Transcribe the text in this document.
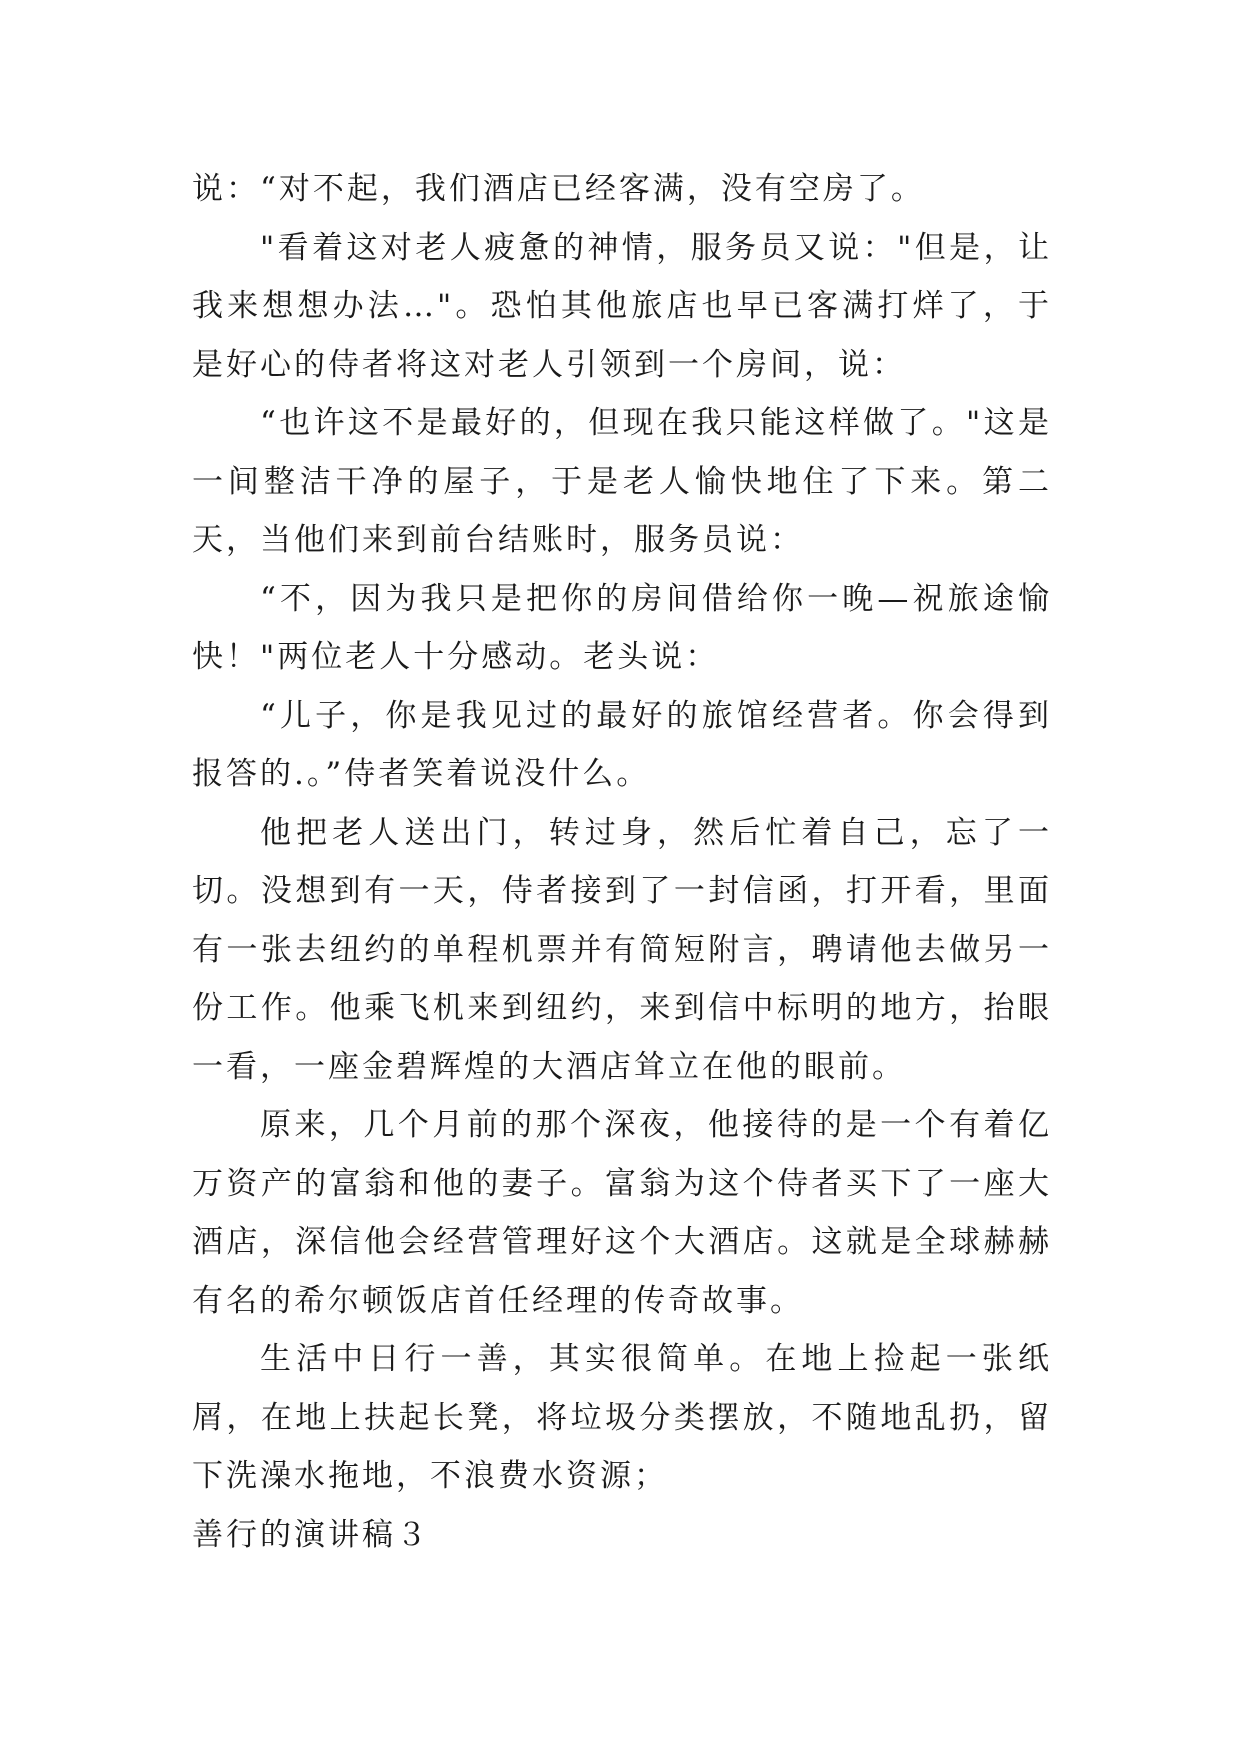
说：“对不起，我们酒店已经客满，没有空房了。

"看着这对老人疲惫的神情，服务员又说："但是，让我来想想办法…"。恐怕其他旅店也早已客满打烊了，于是好心的侍者将这对老人引领到一个房间，说：

“也许这不是最好的，但现在我只能这样做了。"这是一间整洁干净的屋子，于是老人愉快地住了下来。第二天，当他们来到前台结账时，服务员说：

“不，因为我只是把你的房间借给你一晚—祝旅途愉快！"两位老人十分感动。老头说：

“儿子，你是我见过的最好的旅馆经营者。你会得到报答的.。”侍者笑着说没什么。

他把老人送出门，转过身，然后忙着自己，忘了一切。没想到有一天，侍者接到了一封信函，打开看，里面有一张去纽约的单程机票并有简短附言，聘请他去做另一份工作。他乘飞机来到纽约，来到信中标明的地方，抬眼一看，一座金碧辉煌的大酒店耸立在他的眼前。

原来，几个月前的那个深夜，他接待的是一个有着亿万资产的富翁和他的妻子。富翁为这个侍者买下了一座大酒店，深信他会经营管理好这个大酒店。这就是全球赫赫有名的希尔顿饭店首任经理的传奇故事。

生活中日行一善，其实很简单。在地上捡起一张纸屑，在地上扶起长凳，将垃圾分类摆放，不随地乱扔，留下洗澡水拖地，不浪费水资源；

善行的演讲稿３
